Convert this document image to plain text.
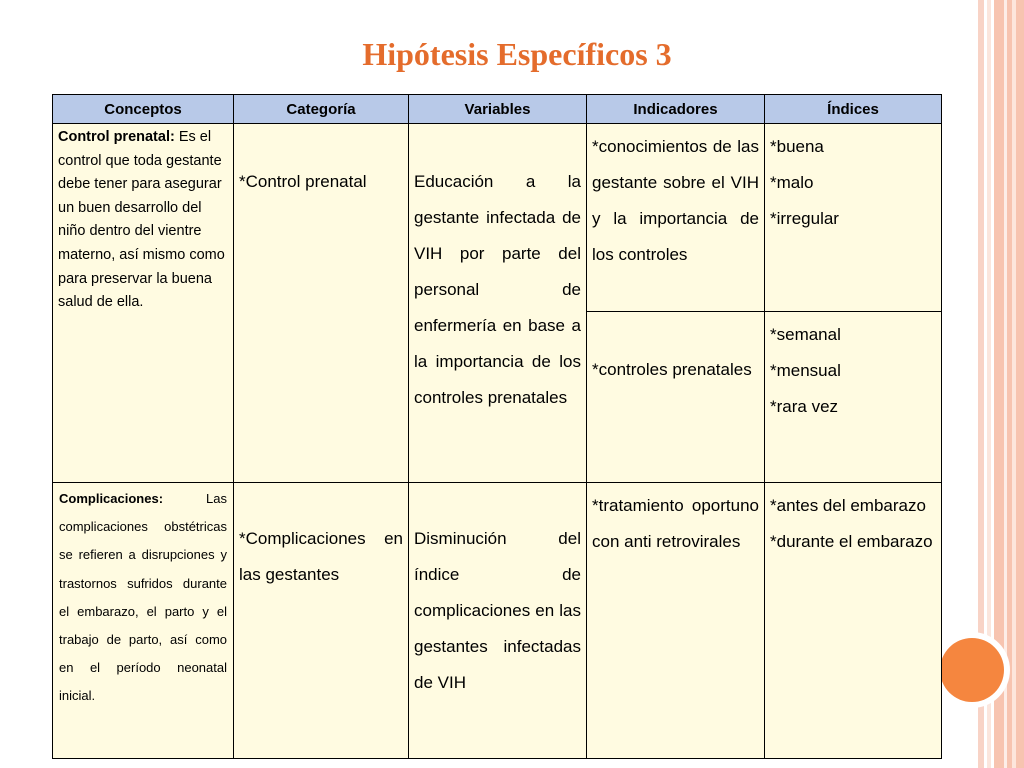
Hipótesis Específicos 3
Conceptos	Categoría	Variables	Indicadores	Índices
Control prenatal: Es el control que toda gestante debe tener para asegurar un buen desarrollo del niño dentro del vientre materno, así mismo como para preservar la buena salud de ella.	*Control prenatal	Educación a la gestante infectada de VIH por parte del personal de enfermería en base a la importancia de los controles prenatales	*conocimientos de las gestante sobre el VIH y la importancia de los controles	*buena
*malo
*irregular

			*controles prenatales	*semanal
*mensual
*rara vez

Complicaciones: Las complicaciones obstétricas se refieren a disrupciones y trastornos sufridos durante el embarazo, el parto y el trabajo de parto, así como en el período neonatal inicial.	*Complicaciones en las gestantes	Disminución del índice de complicaciones en las gestantes infectadas de VIH	*tratamiento oportuno con anti retrovirales	*antes del embarazo
*durante el embarazo
